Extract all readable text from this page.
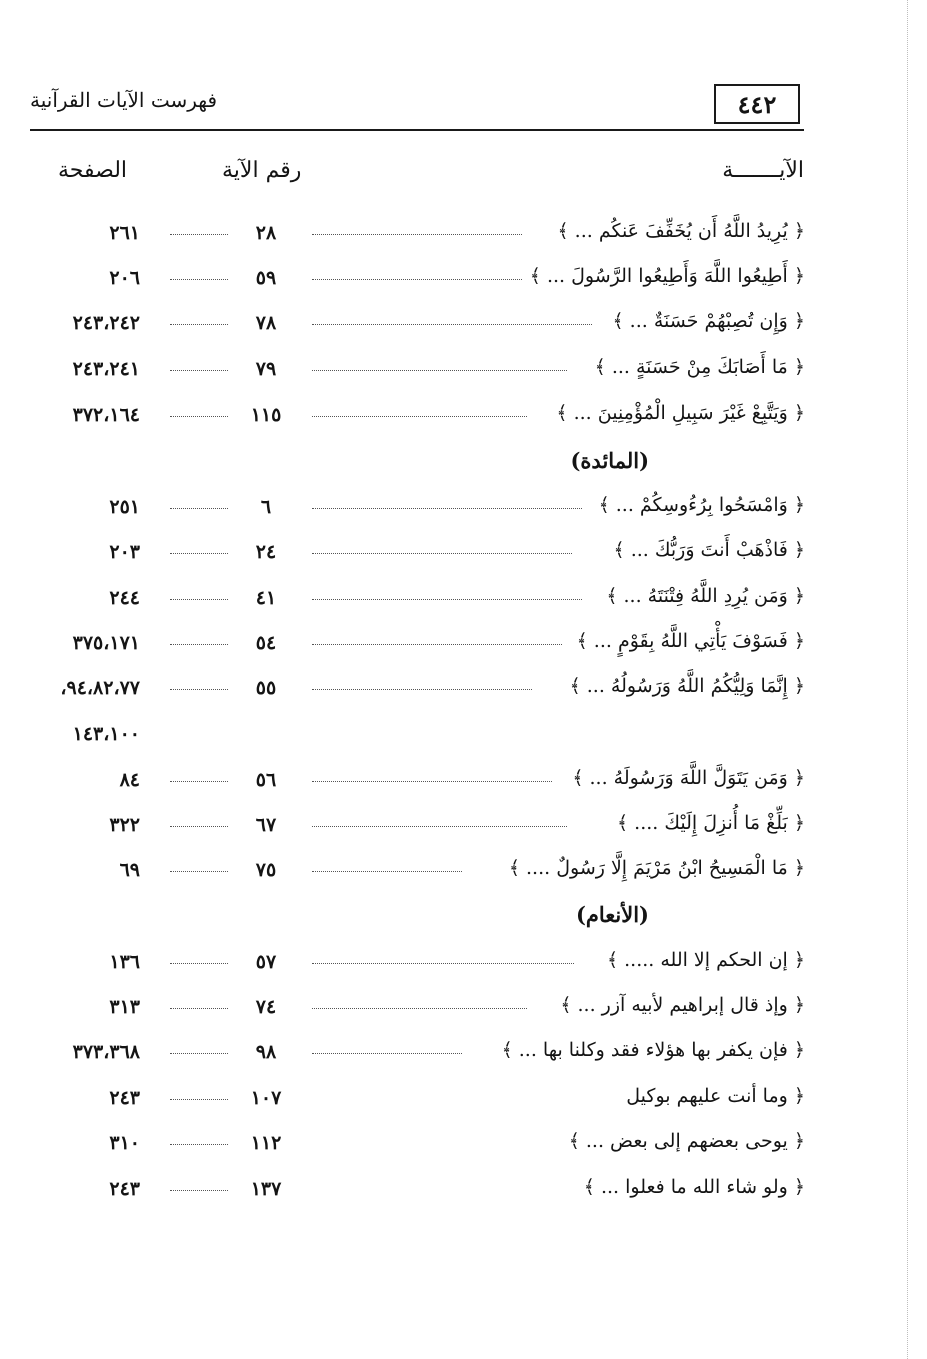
٤٤٢
فهرست الآيات القرآنية
الآيـــــــة
رقم الآية
الصفحة
﴿ يُرِيدُ اللَّهُ أَن يُخَفِّفَ عَنكُم ... ﴾
٢٨
٢٦١
﴿ أَطِيعُوا اللَّهَ وَأَطِيعُوا الرَّسُولَ ... ﴾
٥٩
٢٠٦
﴿ وَإِن تُصِبْهُمْ حَسَنَةٌ ... ﴾
٧٨
٢٤٣،٢٤٢
﴿ مَا أَصَابَكَ مِنْ حَسَنَةٍ ... ﴾
٧٩
٢٤٣،٢٤١
﴿ وَيَتَّبِعْ غَيْرَ سَبِيلِ الْمُؤْمِنِينَ ... ﴾
١١٥
٣٧٢،١٦٤
(المائدة)
﴿ وَامْسَحُوا بِرُءُوسِكُمْ ... ﴾
٦
٢٥١
﴿ فَاذْهَبْ أَنتَ وَرَبُّكَ ... ﴾
٢٤
٢٠٣
﴿ وَمَن يُرِدِ اللَّهُ فِتْنَتَهُ ... ﴾
٤١
٢٤٤
﴿ فَسَوْفَ يَأْتِي اللَّهُ بِقَوْمٍ ... ﴾
٥٤
٣٧٥،١٧١
﴿ إِنَّمَا وَلِيُّكُمُ اللَّهُ وَرَسُولُهُ ... ﴾
٥٥
٩٤،٨٢،٧٧،
١٤٣،١٠٠
﴿ وَمَن يَتَوَلَّ اللَّهَ وَرَسُولَهُ ... ﴾
٥٦
٨٤
﴿ بَلِّغْ مَا أُنزِلَ إِلَيْكَ .... ﴾
٦٧
٣٢٢
﴿ مَا الْمَسِيحُ ابْنُ مَرْيَمَ إِلَّا رَسُولٌ .... ﴾
٧٥
٦٩
(الأنعام)
﴿ إن الحكم إلا الله ..... ﴾
٥٧
١٣٦
﴿ وإذ قال إبراهيم لأبيه آزر ... ﴾
٧٤
٣١٣
﴿ فإن يكفر بها هؤلاء فقد وكلنا بها ... ﴾
٩٨
٣٧٣،٣٦٨
﴿ وما أنت عليهم بوكيل
١٠٧
٢٤٣
﴿ يوحى بعضهم إلى بعض ... ﴾
١١٢
٣١٠
﴿ ولو شاء الله ما فعلوا ... ﴾
١٣٧
٢٤٣
